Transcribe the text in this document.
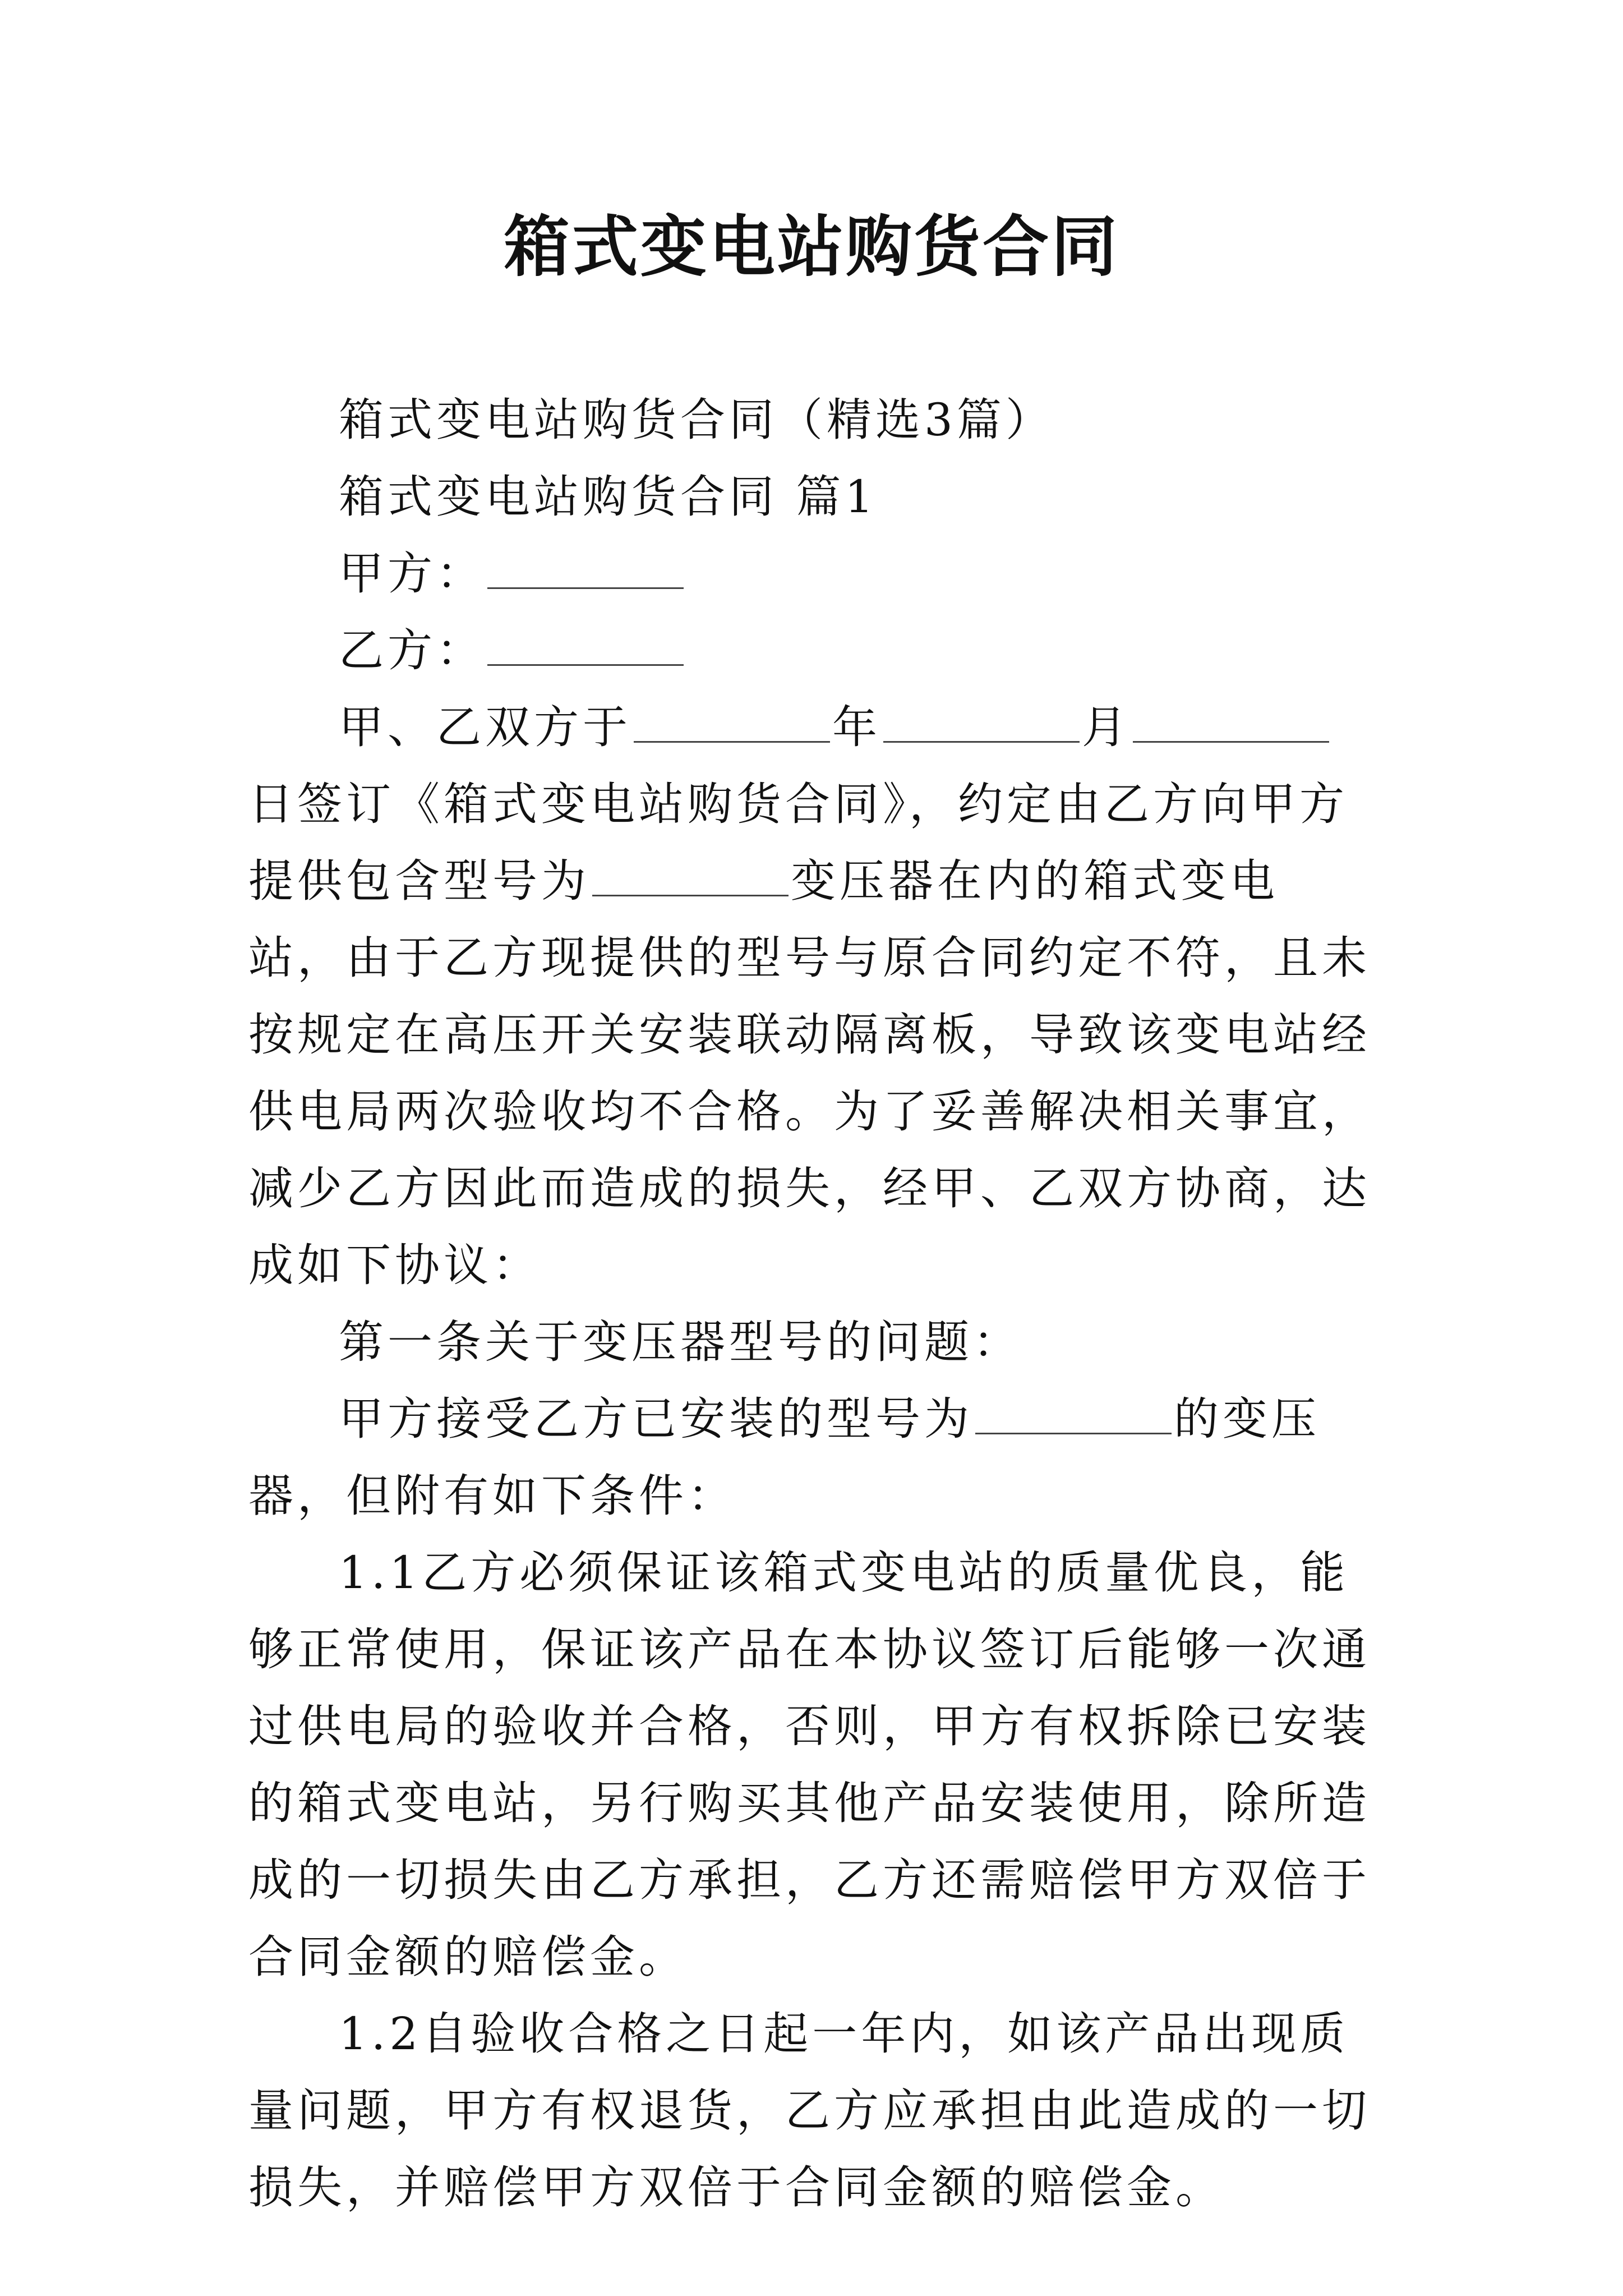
箱式变电站购货合同

箱式变电站购货合同（精选3篇）

箱式变电站购货合同 篇1

甲方：

乙方：

甲、乙双方于	年	月日签订《箱式变电站购货合同》，约定由乙方向甲方提供包含型号为	变压器在内的箱式变电站，由于乙方现提供的型号与原合同约定不符，且未按规定在高压开关安装联动隔离板，导致该变电站经供电局两次验收均不合格。为了妥善解决相关事宜，减少乙方因此而造成的损失，经甲、乙双方协商，达成如下协议：

第一条关于变压器型号的问题：

甲方接受乙方已安装的型号为	的变压器，但附有如下条件：

1.1乙方必须保证该箱式变电站的质量优良，能够正常使用，保证该产品在本协议签订后能够一次通过供电局的验收并合格，否则，甲方有权拆除已安装的箱式变电站，另行购买其他产品安装使用，除所造成的一切损失由乙方承担，乙方还需赔偿甲方双倍于合同金额的赔偿金。

1.2自验收合格之日起一年内，如该产品出现质量问题，甲方有权退货，乙方应承担由此造成的一切损失，并赔偿甲方双倍于合同金额的赔偿金。
